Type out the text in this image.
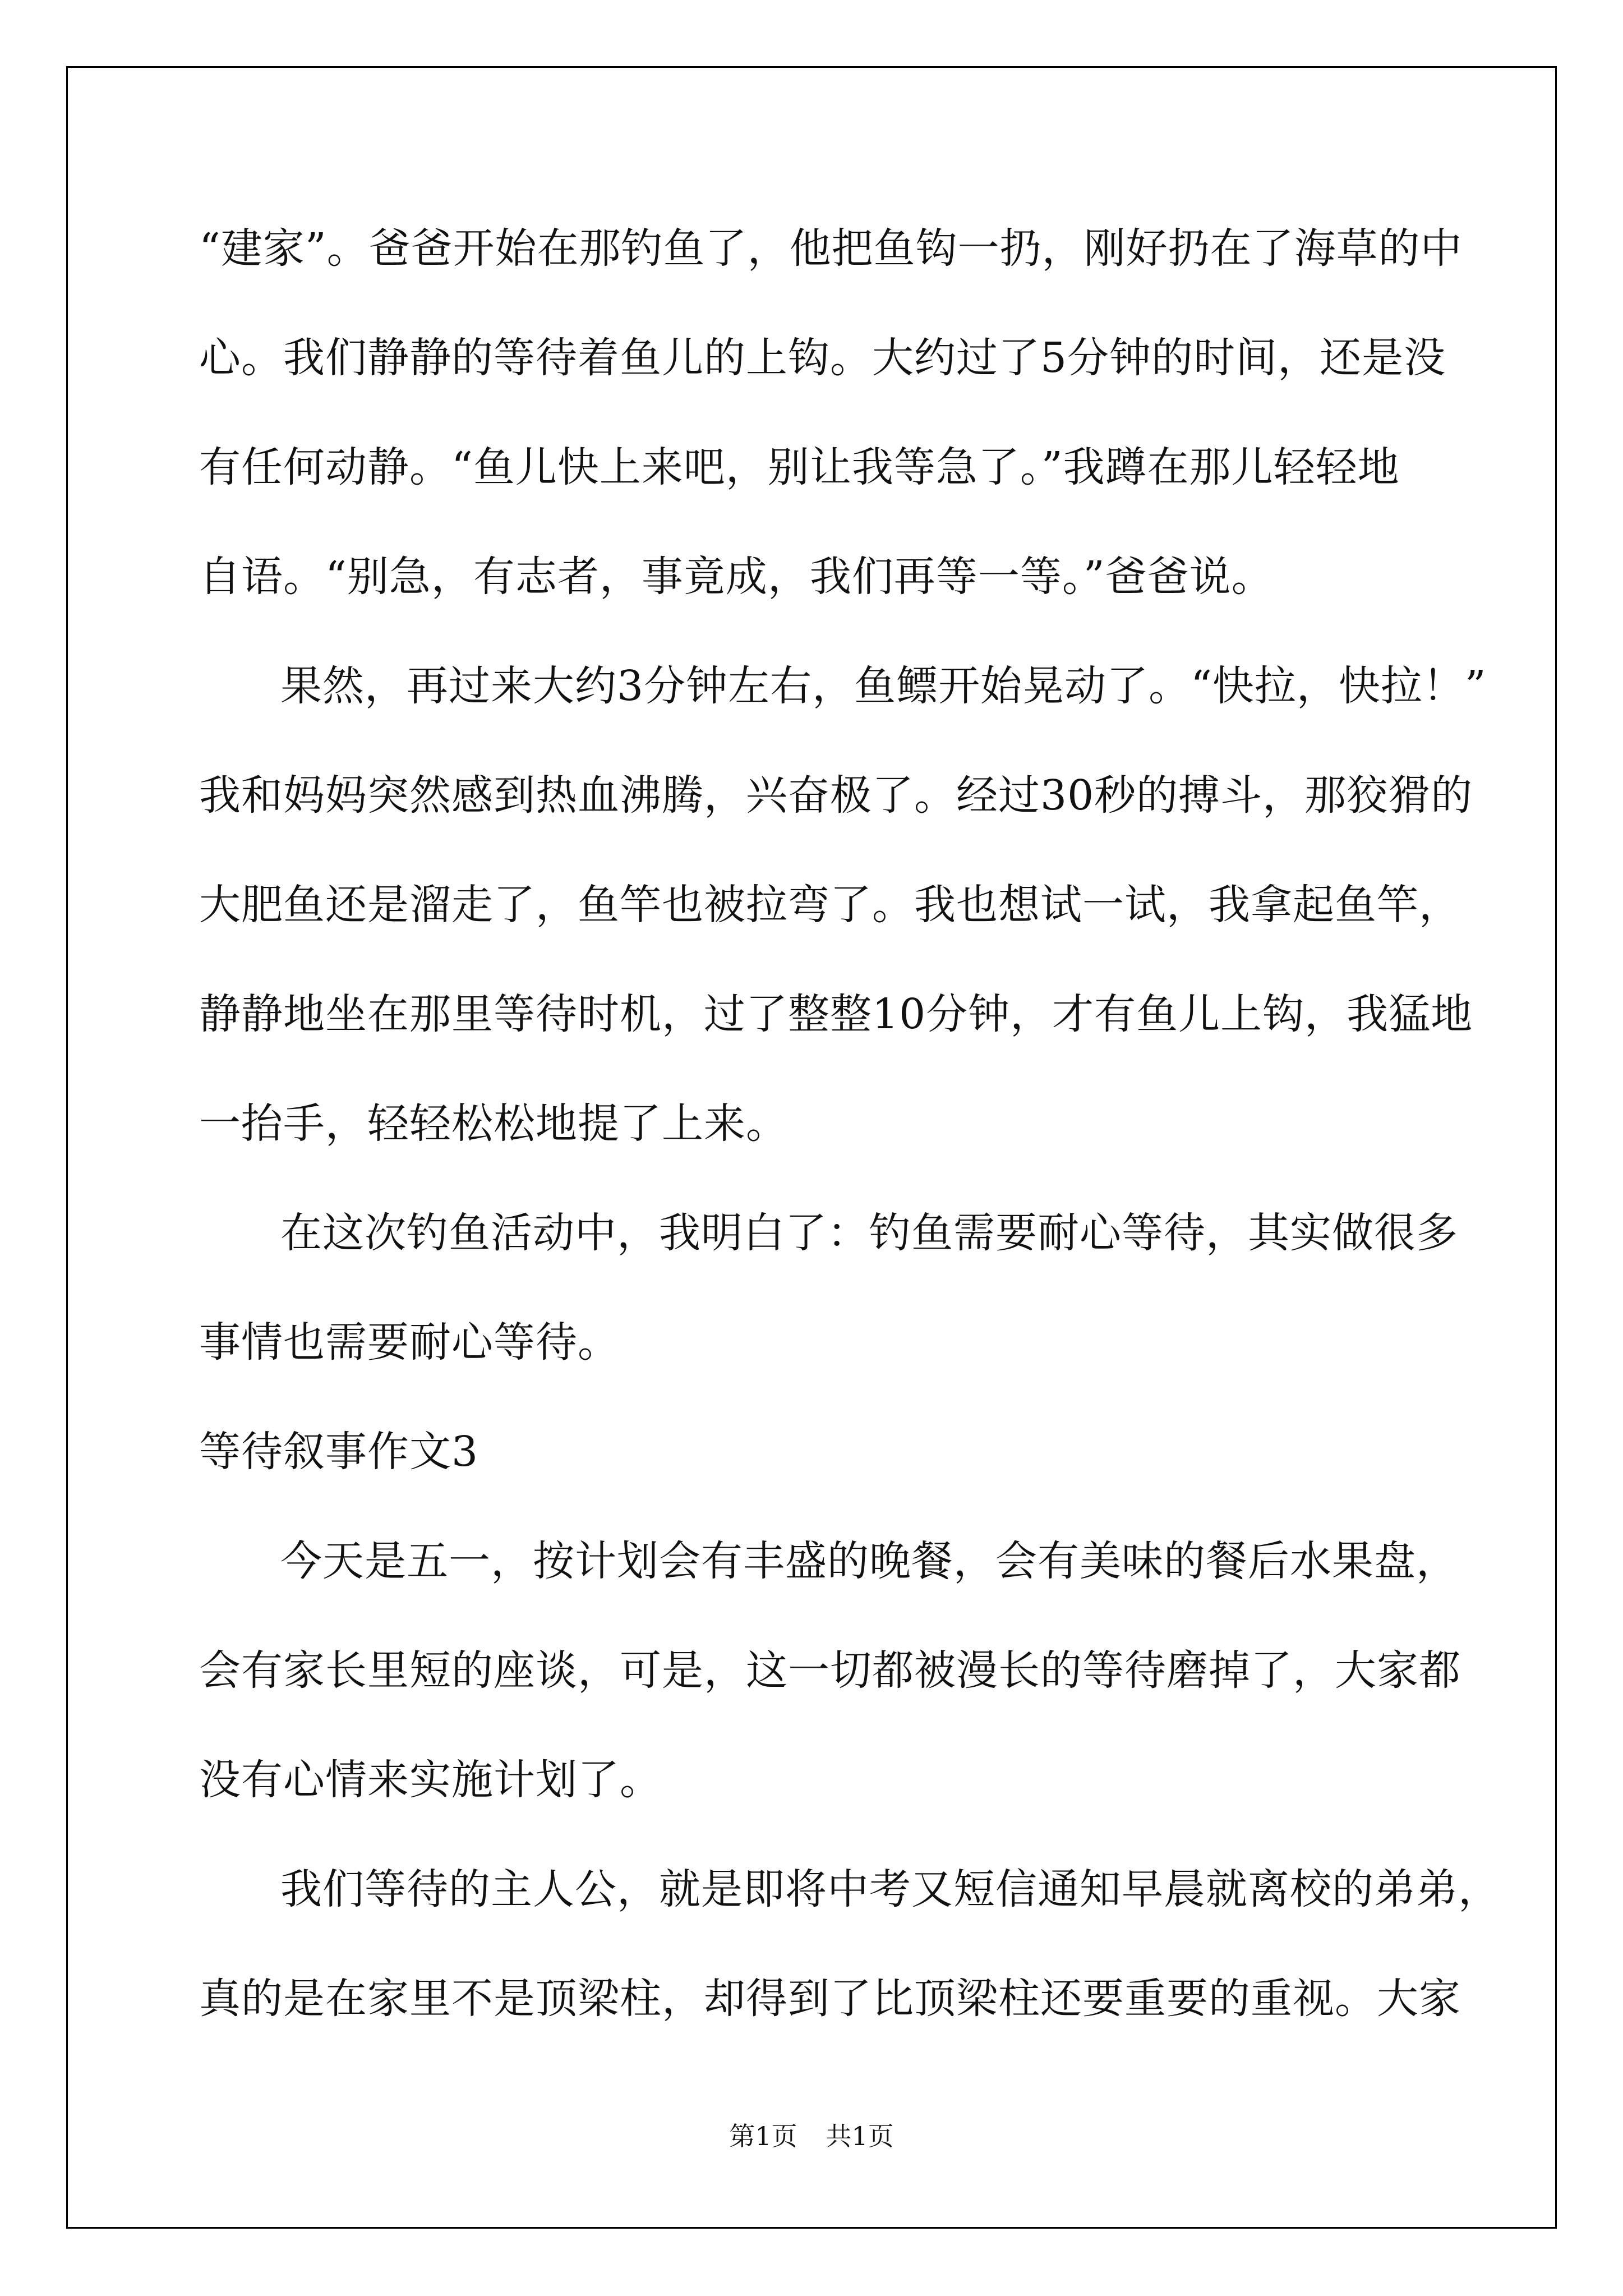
“建家”。爸爸开始在那钓鱼了，他把鱼钩一扔，刚好扔在了海草的中

心。我们静静的等待着鱼儿的上钩。大约过了5分钟的时间，还是没

有任何动静。“鱼儿快上来吧，别让我等急了。”我蹲在那儿轻轻地

自语。“别急，有志者，事竟成，我们再等一等。”爸爸说。

果然，再过来大约3分钟左右，鱼鳔开始晃动了。“快拉，快拉！”

我和妈妈突然感到热血沸腾，兴奋极了。经过30秒的搏斗，那狡猾的

大肥鱼还是溜走了，鱼竿也被拉弯了。我也想试一试，我拿起鱼竿，

静静地坐在那里等待时机，过了整整10分钟，才有鱼儿上钩，我猛地

一抬手，轻轻松松地提了上来。

在这次钓鱼活动中，我明白了：钓鱼需要耐心等待，其实做很多

事情也需要耐心等待。

等待叙事作文3

今天是五一，按计划会有丰盛的晚餐，会有美味的餐后水果盘，

会有家长里短的座谈，可是，这一切都被漫长的等待磨掉了，大家都

没有心情来实施计划了。

我们等待的主人公，就是即将中考又短信通知早晨就离校的弟弟，

真的是在家里不是顶梁柱，却得到了比顶梁柱还要重要的重视。大家

第1页 共1页
